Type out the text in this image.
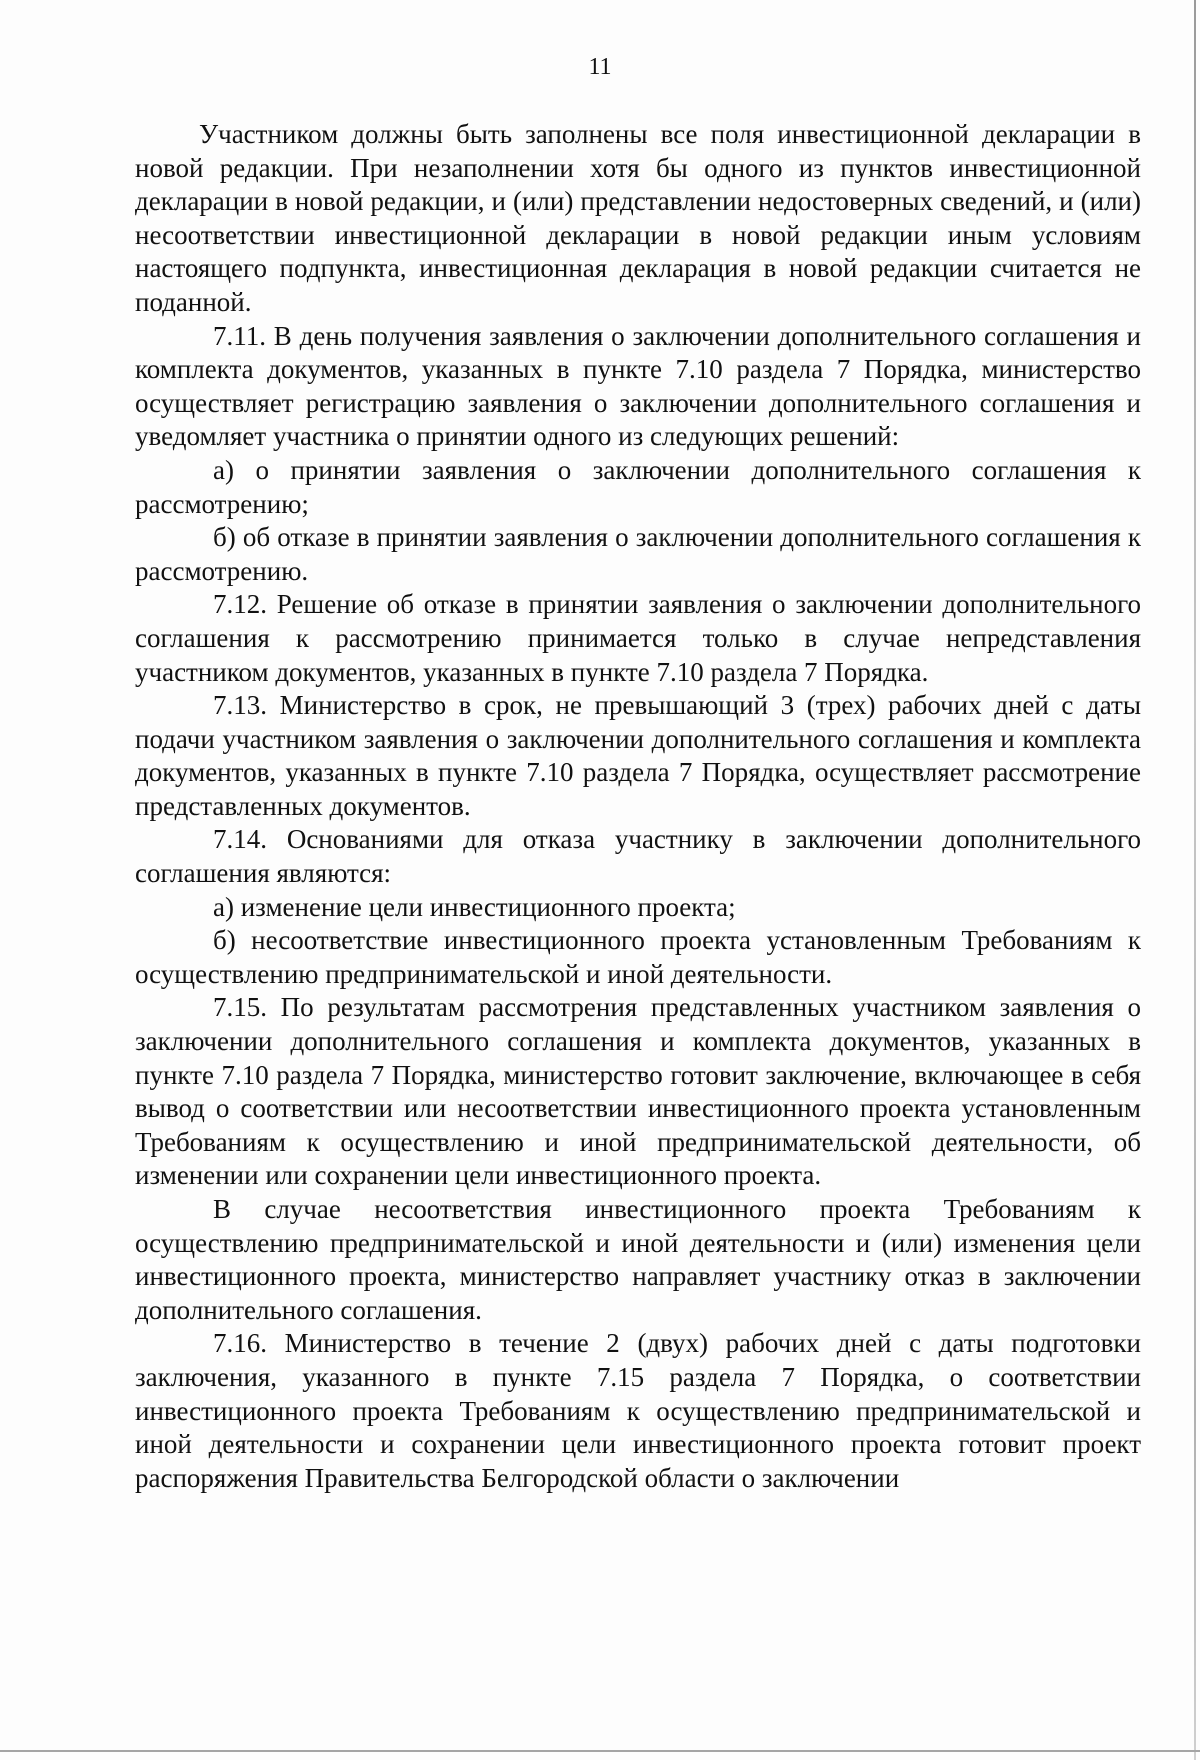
11

Участником должны быть заполнены все поля инвестиционной декларации в новой редакции. При незаполнении хотя бы одного из пунктов инвестиционной декларации в новой редакции, и (или) представлении недостоверных сведений, и (или) несоответствии инвестиционной декларации в новой редакции иным условиям настоящего подпункта, инвестиционная декларация в новой редакции считается не поданной.

7.11. В день получения заявления о заключении дополнительного соглашения и комплекта документов, указанных в пункте 7.10 раздела 7 Порядка, министерство осуществляет регистрацию заявления о заключении дополнительного соглашения и уведомляет участника о принятии одного из следующих решений:

а) о принятии заявления о заключении дополнительного соглашения к рассмотрению;

б) об отказе в принятии заявления о заключении дополнительного соглашения к рассмотрению.

7.12. Решение об отказе в принятии заявления о заключении дополнительного соглашения к рассмотрению принимается только в случае непредставления участником документов, указанных в пункте 7.10 раздела 7 Порядка.

7.13. Министерство в срок, не превышающий 3 (трех) рабочих дней с даты подачи участником заявления о заключении дополнительного соглашения и комплекта документов, указанных в пункте 7.10 раздела 7 Порядка, осуществляет рассмотрение представленных документов.

7.14. Основаниями для отказа участнику в заключении дополнительного соглашения являются:

а) изменение цели инвестиционного проекта;

б) несоответствие инвестиционного проекта установленным Требованиям к осуществлению предпринимательской и иной деятельности.

7.15. По результатам рассмотрения представленных участником заявления о заключении дополнительного соглашения и комплекта документов, указанных в пункте 7.10 раздела 7 Порядка, министерство готовит заключение, включающее в себя вывод о соответствии или несоответствии инвестиционного проекта установленным Требованиям к осуществлению и иной предпринимательской деятельности, об изменении или сохранении цели инвестиционного проекта.

В случае несоответствия инвестиционного проекта Требованиям к осуществлению предпринимательской и иной деятельности и (или) изменения цели инвестиционного проекта, министерство направляет участнику отказ в заключении дополнительного соглашения.

7.16. Министерство в течение 2 (двух) рабочих дней с даты подготовки заключения, указанного в пункте 7.15 раздела 7 Порядка, о соответствии инвестиционного проекта Требованиям к осуществлению предпринимательской и иной деятельности и сохранении цели инвестиционного проекта готовит проект распоряжения Правительства Белгородской области о заключении
